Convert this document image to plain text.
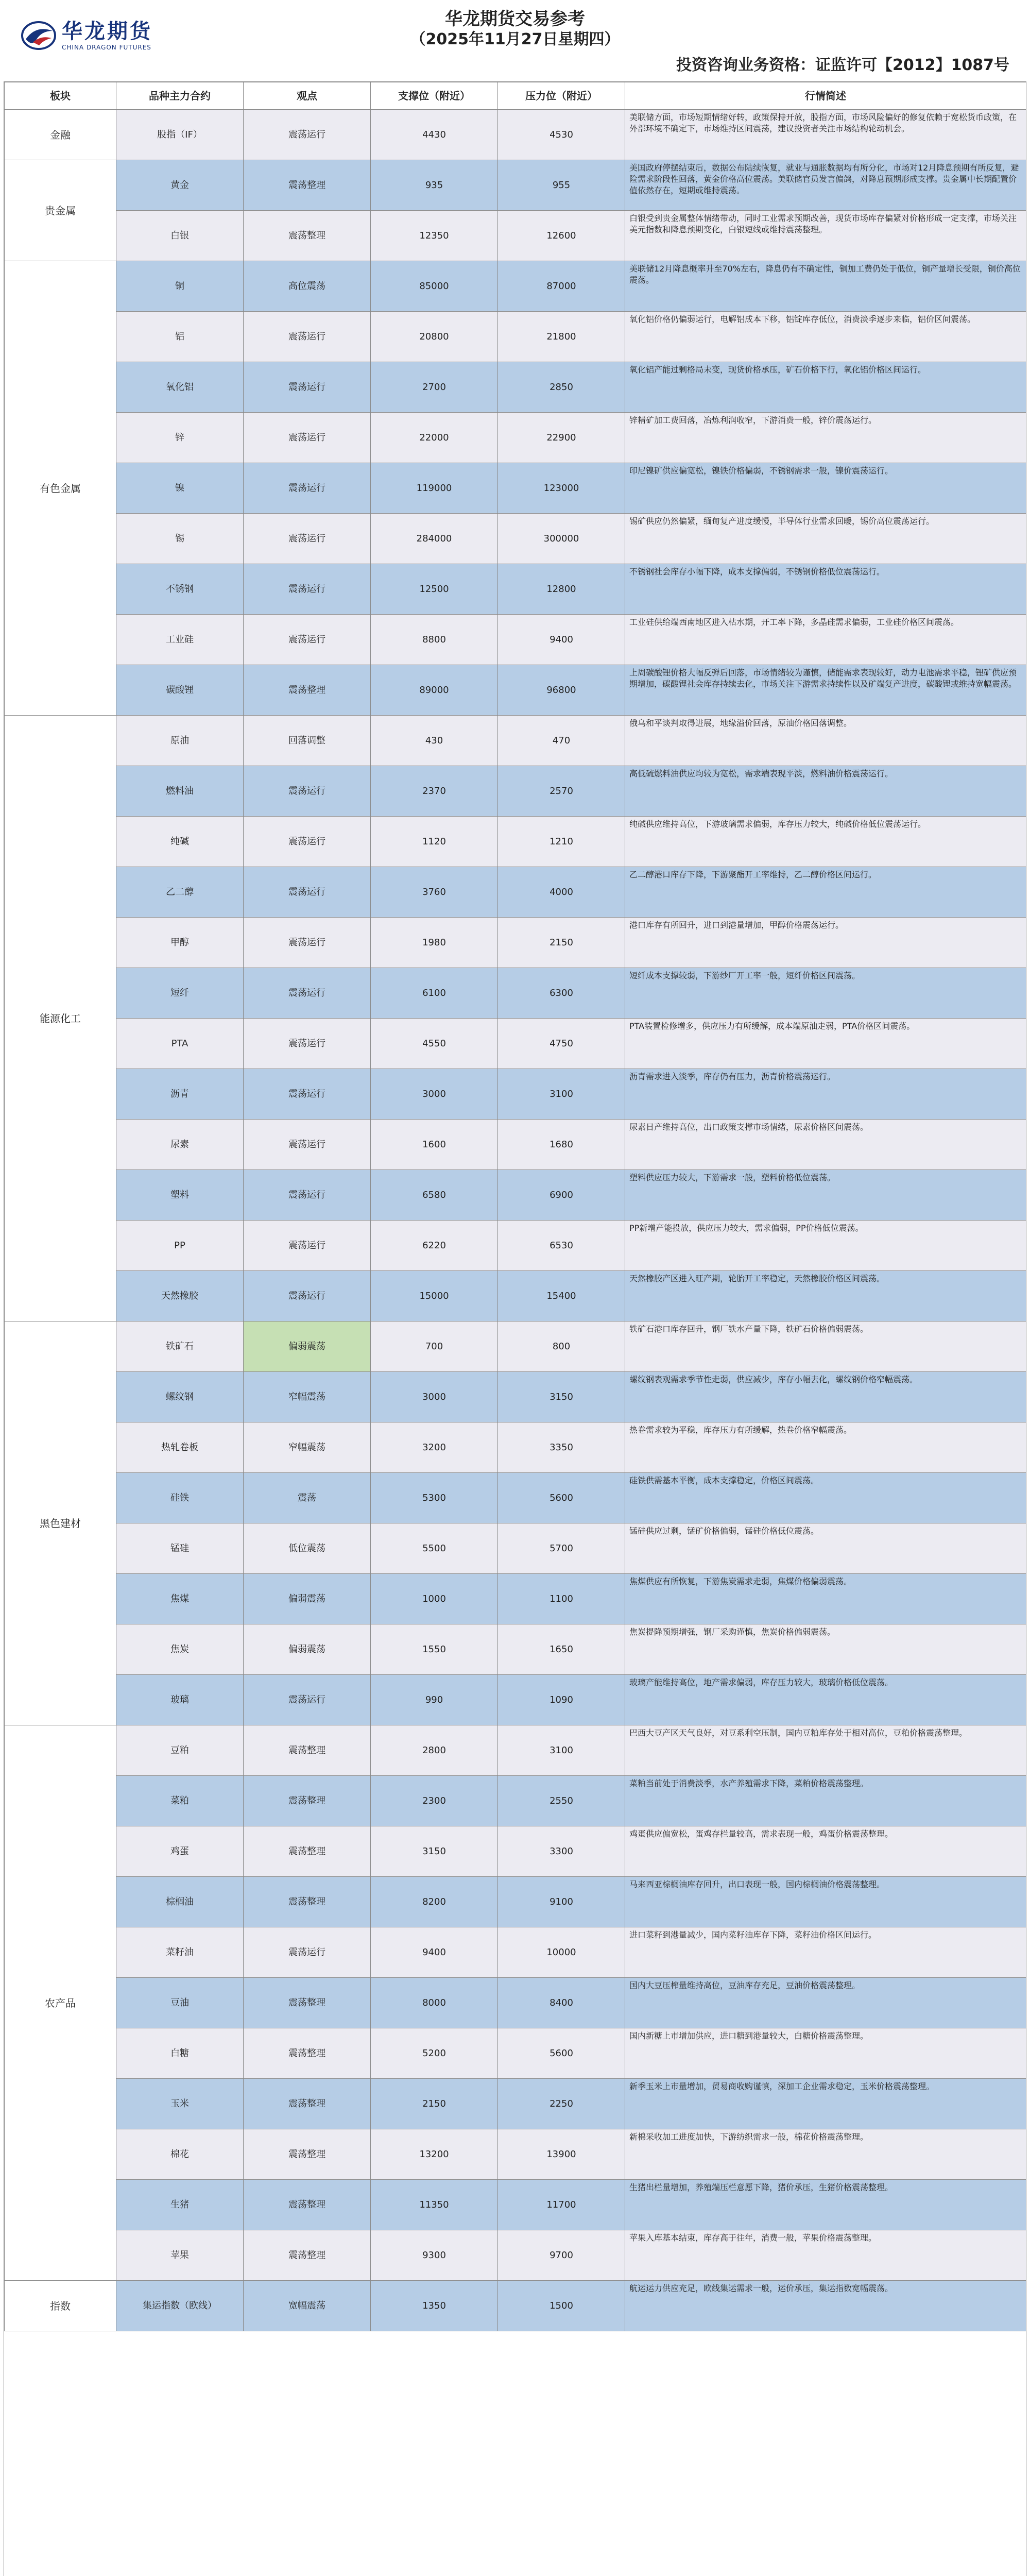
华龙期货
CHINA DRAGON FUTURES
华龙期货交易参考
（2025年11月27日星期四）
投资咨询业务资格：证监许可【2012】1087号
板块	品种主力合约	观点	支撑位（附近）	压力位（附近）	行情简述
金融	股指（IF）	震荡运行	4430	4530	美联储方面，市场短期情绪好转，政策保持开放，股指方面，市场风险偏好的修复依赖于宽松货币政策，在外部环境不确定下，市场维持区间震荡，建议投资者关注市场结构轮动机会。
贵金属	黄金	震荡整理	935	955	美国政府停摆结束后，数据公布陆续恢复，就业与通胀数据均有所分化，市场对12月降息预期有所反复，避险需求阶段性回落，黄金价格高位震荡。美联储官员发言偏鸽，对降息预期形成支撑。贵金属中长期配置价值依然存在，短期或维持震荡。
	白银	震荡整理	12350	12600	白银受到贵金属整体情绪带动，同时工业需求预期改善，现货市场库存偏紧对价格形成一定支撑，市场关注美元指数和降息预期变化，白银短线或维持震荡整理。
有色金属	铜	高位震荡	85000	87000	美联储12月降息概率升至70%左右，降息仍有不确定性，铜加工费仍处于低位，铜产量增长受限，铜价高位震荡。
	铝	震荡运行	20800	21800	氧化铝价格仍偏弱运行，电解铝成本下移，铝锭库存低位，消费淡季逐步来临，铝价区间震荡。
	氧化铝	震荡运行	2700	2850	氧化铝产能过剩格局未变，现货价格承压，矿石价格下行，氧化铝价格区间运行。
	锌	震荡运行	22000	22900	锌精矿加工费回落，冶炼利润收窄，下游消费一般，锌价震荡运行。
	镍	震荡运行	119000	123000	印尼镍矿供应偏宽松，镍铁价格偏弱，不锈钢需求一般，镍价震荡运行。
	锡	震荡运行	284000	300000	锡矿供应仍然偏紧，缅甸复产进度缓慢，半导体行业需求回暖，锡价高位震荡运行。
	不锈钢	震荡运行	12500	12800	不锈钢社会库存小幅下降，成本支撑偏弱，不锈钢价格低位震荡运行。
	工业硅	震荡运行	8800	9400	工业硅供给端西南地区进入枯水期，开工率下降，多晶硅需求偏弱，工业硅价格区间震荡。
	碳酸锂	震荡整理	89000	96800	上周碳酸锂价格大幅反弹后回落，市场情绪较为谨慎，储能需求表现较好，动力电池需求平稳，锂矿供应预期增加，碳酸锂社会库存持续去化，市场关注下游需求持续性以及矿端复产进度，碳酸锂或维持宽幅震荡。
能源化工	原油	回落调整	430	470	俄乌和平谈判取得进展，地缘溢价回落，原油价格回落调整。
	燃料油	震荡运行	2370	2570	高低硫燃料油供应均较为宽松，需求端表现平淡，燃料油价格震荡运行。
	纯碱	震荡运行	1120	1210	纯碱供应维持高位，下游玻璃需求偏弱，库存压力较大，纯碱价格低位震荡运行。
	乙二醇	震荡运行	3760	4000	乙二醇港口库存下降，下游聚酯开工率维持，乙二醇价格区间运行。
	甲醇	震荡运行	1980	2150	港口库存有所回升，进口到港量增加，甲醇价格震荡运行。
	短纤	震荡运行	6100	6300	短纤成本支撑较弱，下游纱厂开工率一般，短纤价格区间震荡。
	PTA	震荡运行	4550	4750	PTA装置检修增多，供应压力有所缓解，成本端原油走弱，PTA价格区间震荡。
	沥青	震荡运行	3000	3100	沥青需求进入淡季，库存仍有压力，沥青价格震荡运行。
	尿素	震荡运行	1600	1680	尿素日产维持高位，出口政策支撑市场情绪，尿素价格区间震荡。
	塑料	震荡运行	6580	6900	塑料供应压力较大，下游需求一般，塑料价格低位震荡。
	PP	震荡运行	6220	6530	PP新增产能投放，供应压力较大，需求偏弱，PP价格低位震荡。
	天然橡胶	震荡运行	15000	15400	天然橡胶产区进入旺产期，轮胎开工率稳定，天然橡胶价格区间震荡。
黑色建材	铁矿石	偏弱震荡	700	800	铁矿石港口库存回升，钢厂铁水产量下降，铁矿石价格偏弱震荡。
	螺纹钢	窄幅震荡	3000	3150	螺纹钢表观需求季节性走弱，供应减少，库存小幅去化，螺纹钢价格窄幅震荡。
	热轧卷板	窄幅震荡	3200	3350	热卷需求较为平稳，库存压力有所缓解，热卷价格窄幅震荡。
	硅铁	震荡	5300	5600	硅铁供需基本平衡，成本支撑稳定，价格区间震荡。
	锰硅	低位震荡	5500	5700	锰硅供应过剩，锰矿价格偏弱，锰硅价格低位震荡。
	焦煤	偏弱震荡	1000	1100	焦煤供应有所恢复，下游焦炭需求走弱，焦煤价格偏弱震荡。
	焦炭	偏弱震荡	1550	1650	焦炭提降预期增强，钢厂采购谨慎，焦炭价格偏弱震荡。
	玻璃	震荡运行	990	1090	玻璃产能维持高位，地产需求偏弱，库存压力较大，玻璃价格低位震荡。
农产品	豆粕	震荡整理	2800	3100	巴西大豆产区天气良好，对豆系利空压制，国内豆粕库存处于相对高位，豆粕价格震荡整理。
	菜粕	震荡整理	2300	2550	菜粕当前处于消费淡季，水产养殖需求下降，菜粕价格震荡整理。
	鸡蛋	震荡整理	3150	3300	鸡蛋供应偏宽松，蛋鸡存栏量较高，需求表现一般，鸡蛋价格震荡整理。
	棕榈油	震荡整理	8200	9100	马来西亚棕榈油库存回升，出口表现一般，国内棕榈油价格震荡整理。
	菜籽油	震荡运行	9400	10000	进口菜籽到港量减少，国内菜籽油库存下降，菜籽油价格区间运行。
	豆油	震荡整理	8000	8400	国内大豆压榨量维持高位，豆油库存充足，豆油价格震荡整理。
	白糖	震荡整理	5200	5600	国内新糖上市增加供应，进口糖到港量较大，白糖价格震荡整理。
	玉米	震荡整理	2150	2250	新季玉米上市量增加，贸易商收购谨慎，深加工企业需求稳定，玉米价格震荡整理。
	棉花	震荡整理	13200	13900	新棉采收加工进度加快，下游纺织需求一般，棉花价格震荡整理。
	生猪	震荡整理	11350	11700	生猪出栏量增加，养殖端压栏意愿下降，猪价承压，生猪价格震荡整理。
	苹果	震荡整理	9300	9700	苹果入库基本结束，库存高于往年，消费一般，苹果价格震荡整理。
指数	集运指数（欧线）	宽幅震荡	1350	1500	航运运力供应充足，欧线集运需求一般，运价承压，集运指数宽幅震荡。
